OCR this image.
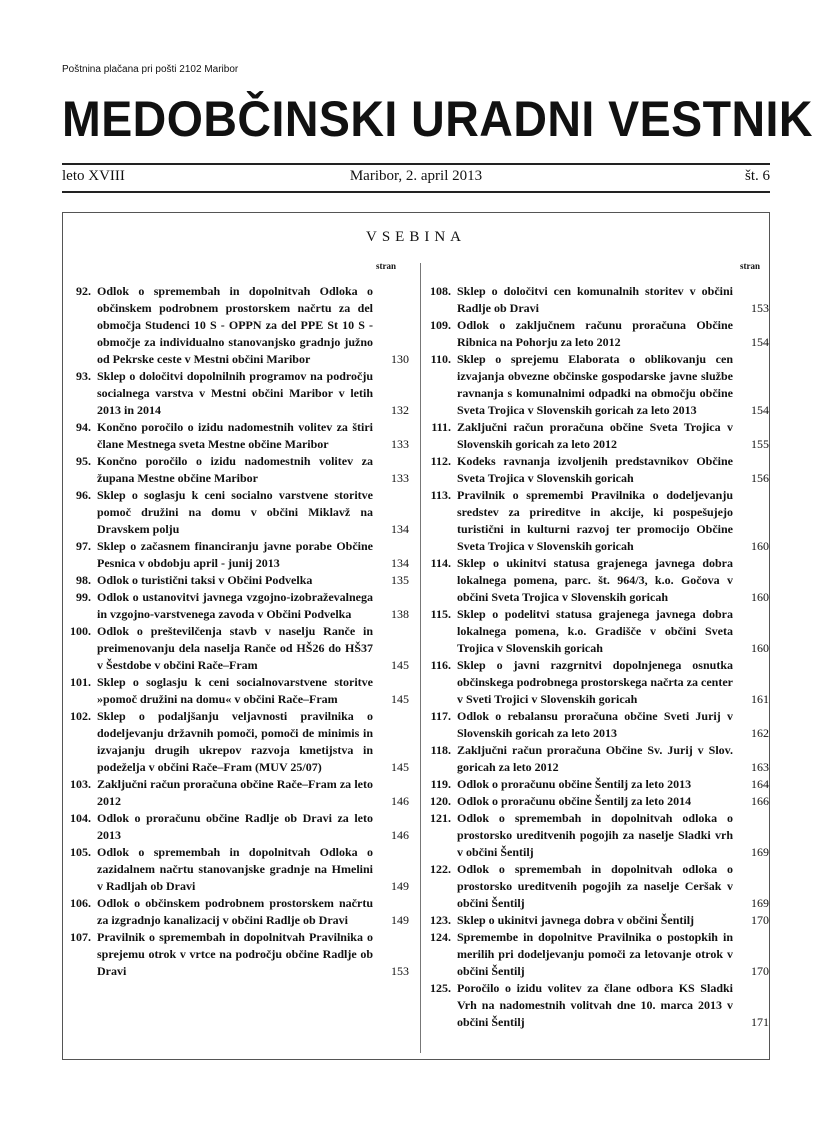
Poštnina plačana pri pošti 2102 Maribor
MEDOBČINSKI URADNI VESTNIK
leto XVIII	Maribor, 2. april 2013	št. 6
VSEBINA
stran	stran
92. Odlok o spremembah in dopolnitvah Odloka o občinskem podrobnem prostorskem načrtu za del območja Studenci 10 S - OPPN za del PPE St 10 S - območje za individualno stanovanjsko gradnjo južno od Pekrske ceste v Mestni občini Maribor	130
93. Sklep o določitvi dopolnilnih programov na področju socialnega varstva v Mestni občini Maribor v letih 2013 in 2014	132
94. Končno poročilo o izidu nadomestnih volitev za štiri člane Mestnega sveta Mestne občine Maribor	133
95. Končno poročilo o izidu nadomestnih volitev za župana Mestne občine Maribor	133
96. Sklep o soglasju k ceni socialno varstvene storitve pomoč družini na domu v občini Miklavž na Dravskem polju	134
97. Sklep o začasnem financiranju javne porabe Občine Pesnica v obdobju april - junij 2013	134
98. Odlok o turistični taksi v Občini Podvelka	135
99. Odlok o ustanovitvi javnega vzgojno-izobraževalnega in vzgojno-varstvenega zavoda v Občini Podvelka	138
100. Odlok o preštevilčenja stavb v naselju Ranče in preimenovanju dela naselja Ranče od HŠ26 do HŠ37 v Šestdobe v občini Rače–Fram	145
101. Sklep o soglasju k ceni socialnovarstvene storitve »pomoč družini na domu« v občini Rače–Fram	145
102. Sklep o podaljšanju veljavnosti pravilnika o dodeljevanju državnih pomoči, pomoči de minimis in izvajanju drugih ukrepov razvoja kmetijstva in podeželja v občini Rače–Fram (MUV 25/07)	145
103. Zaključni račun proračuna občine Rače–Fram za leto 2012	146
104. Odlok o proračunu občine Radlje ob Dravi za leto 2013	146
105. Odlok o spremembah in dopolnitvah Odloka o zazidalnem načrtu stanovanjske gradnje na Hmelini v Radljah ob Dravi	149
106. Odlok o občinskem podrobnem prostorskem načrtu za izgradnjo kanalizacij v občini Radlje ob Dravi	149
107. Pravilnik o spremembah in dopolnitvah Pravilnika o sprejemu otrok v vrtce na področju občine Radlje ob Dravi	153
108. Sklep o določitvi cen komunalnih storitev v občini Radlje ob Dravi	153
109. Odlok o zaključnem računu proračuna Občine Ribnica na Pohorju za leto 2012	154
110. Sklep o sprejemu Elaborata o oblikovanju cen izvajanja obvezne občinske gospodarske javne službe ravnanja s komunalnimi odpadki na območju občine Sveta Trojica v Slovenskih goricah za leto 2013	154
111. Zaključni račun proračuna občine Sveta Trojica v Slovenskih goricah za leto 2012	155
112. Kodeks ravnanja izvoljenih predstavnikov Občine Sveta Trojica v Slovenskih goricah	156
113. Pravilnik o spremembi Pravilnika o dodeljevanju sredstev za prireditve in akcije, ki pospešujejo turistični in kulturni razvoj ter promocijo Občine Sveta Trojica v Slovenskih goricah	160
114. Sklep o ukinitvi statusa grajenega javnega dobra lokalnega pomena, parc. št. 964/3, k.o. Gočova v občini Sveta Trojica v Slovenskih goricah	160
115. Sklep o podelitvi statusa grajenega javnega dobra lokalnega pomena, k.o. Gradišče v občini Sveta Trojica v Slovenskih goricah	160
116. Sklep o javni razgrnitvi dopolnjenega osnutka občinskega podrobnega prostorskega načrta za center v Sveti Trojici v Slovenskih goricah	161
117. Odlok o rebalansu proračuna občine Sveti Jurij v Slovenskih goricah za leto 2013	162
118. Zaključni račun proračuna Občine Sv. Jurij v Slov. goricah za leto 2012	163
119. Odlok o proračunu občine Šentilj za leto 2013	164
120. Odlok o proračunu občine Šentilj za leto 2014	166
121. Odlok o spremembah in dopolnitvah odloka o prostorsko ureditvenih pogojih za naselje Sladki vrh v občini Šentilj	169
122. Odlok o spremembah in dopolnitvah odloka o prostorsko ureditvenih pogojih za naselje Ceršak v občini Šentilj	169
123. Sklep o ukinitvi javnega dobra v občini Šentilj	170
124. Spremembe in dopolnitve Pravilnika o postopkih in merilih pri dodeljevanju pomoči za letovanje otrok v občini Šentilj	170
125. Poročilo o izidu volitev za člane odbora KS Sladki Vrh na nadomestnih volitvah dne 10. marca 2013 v občini Šentilj	171
